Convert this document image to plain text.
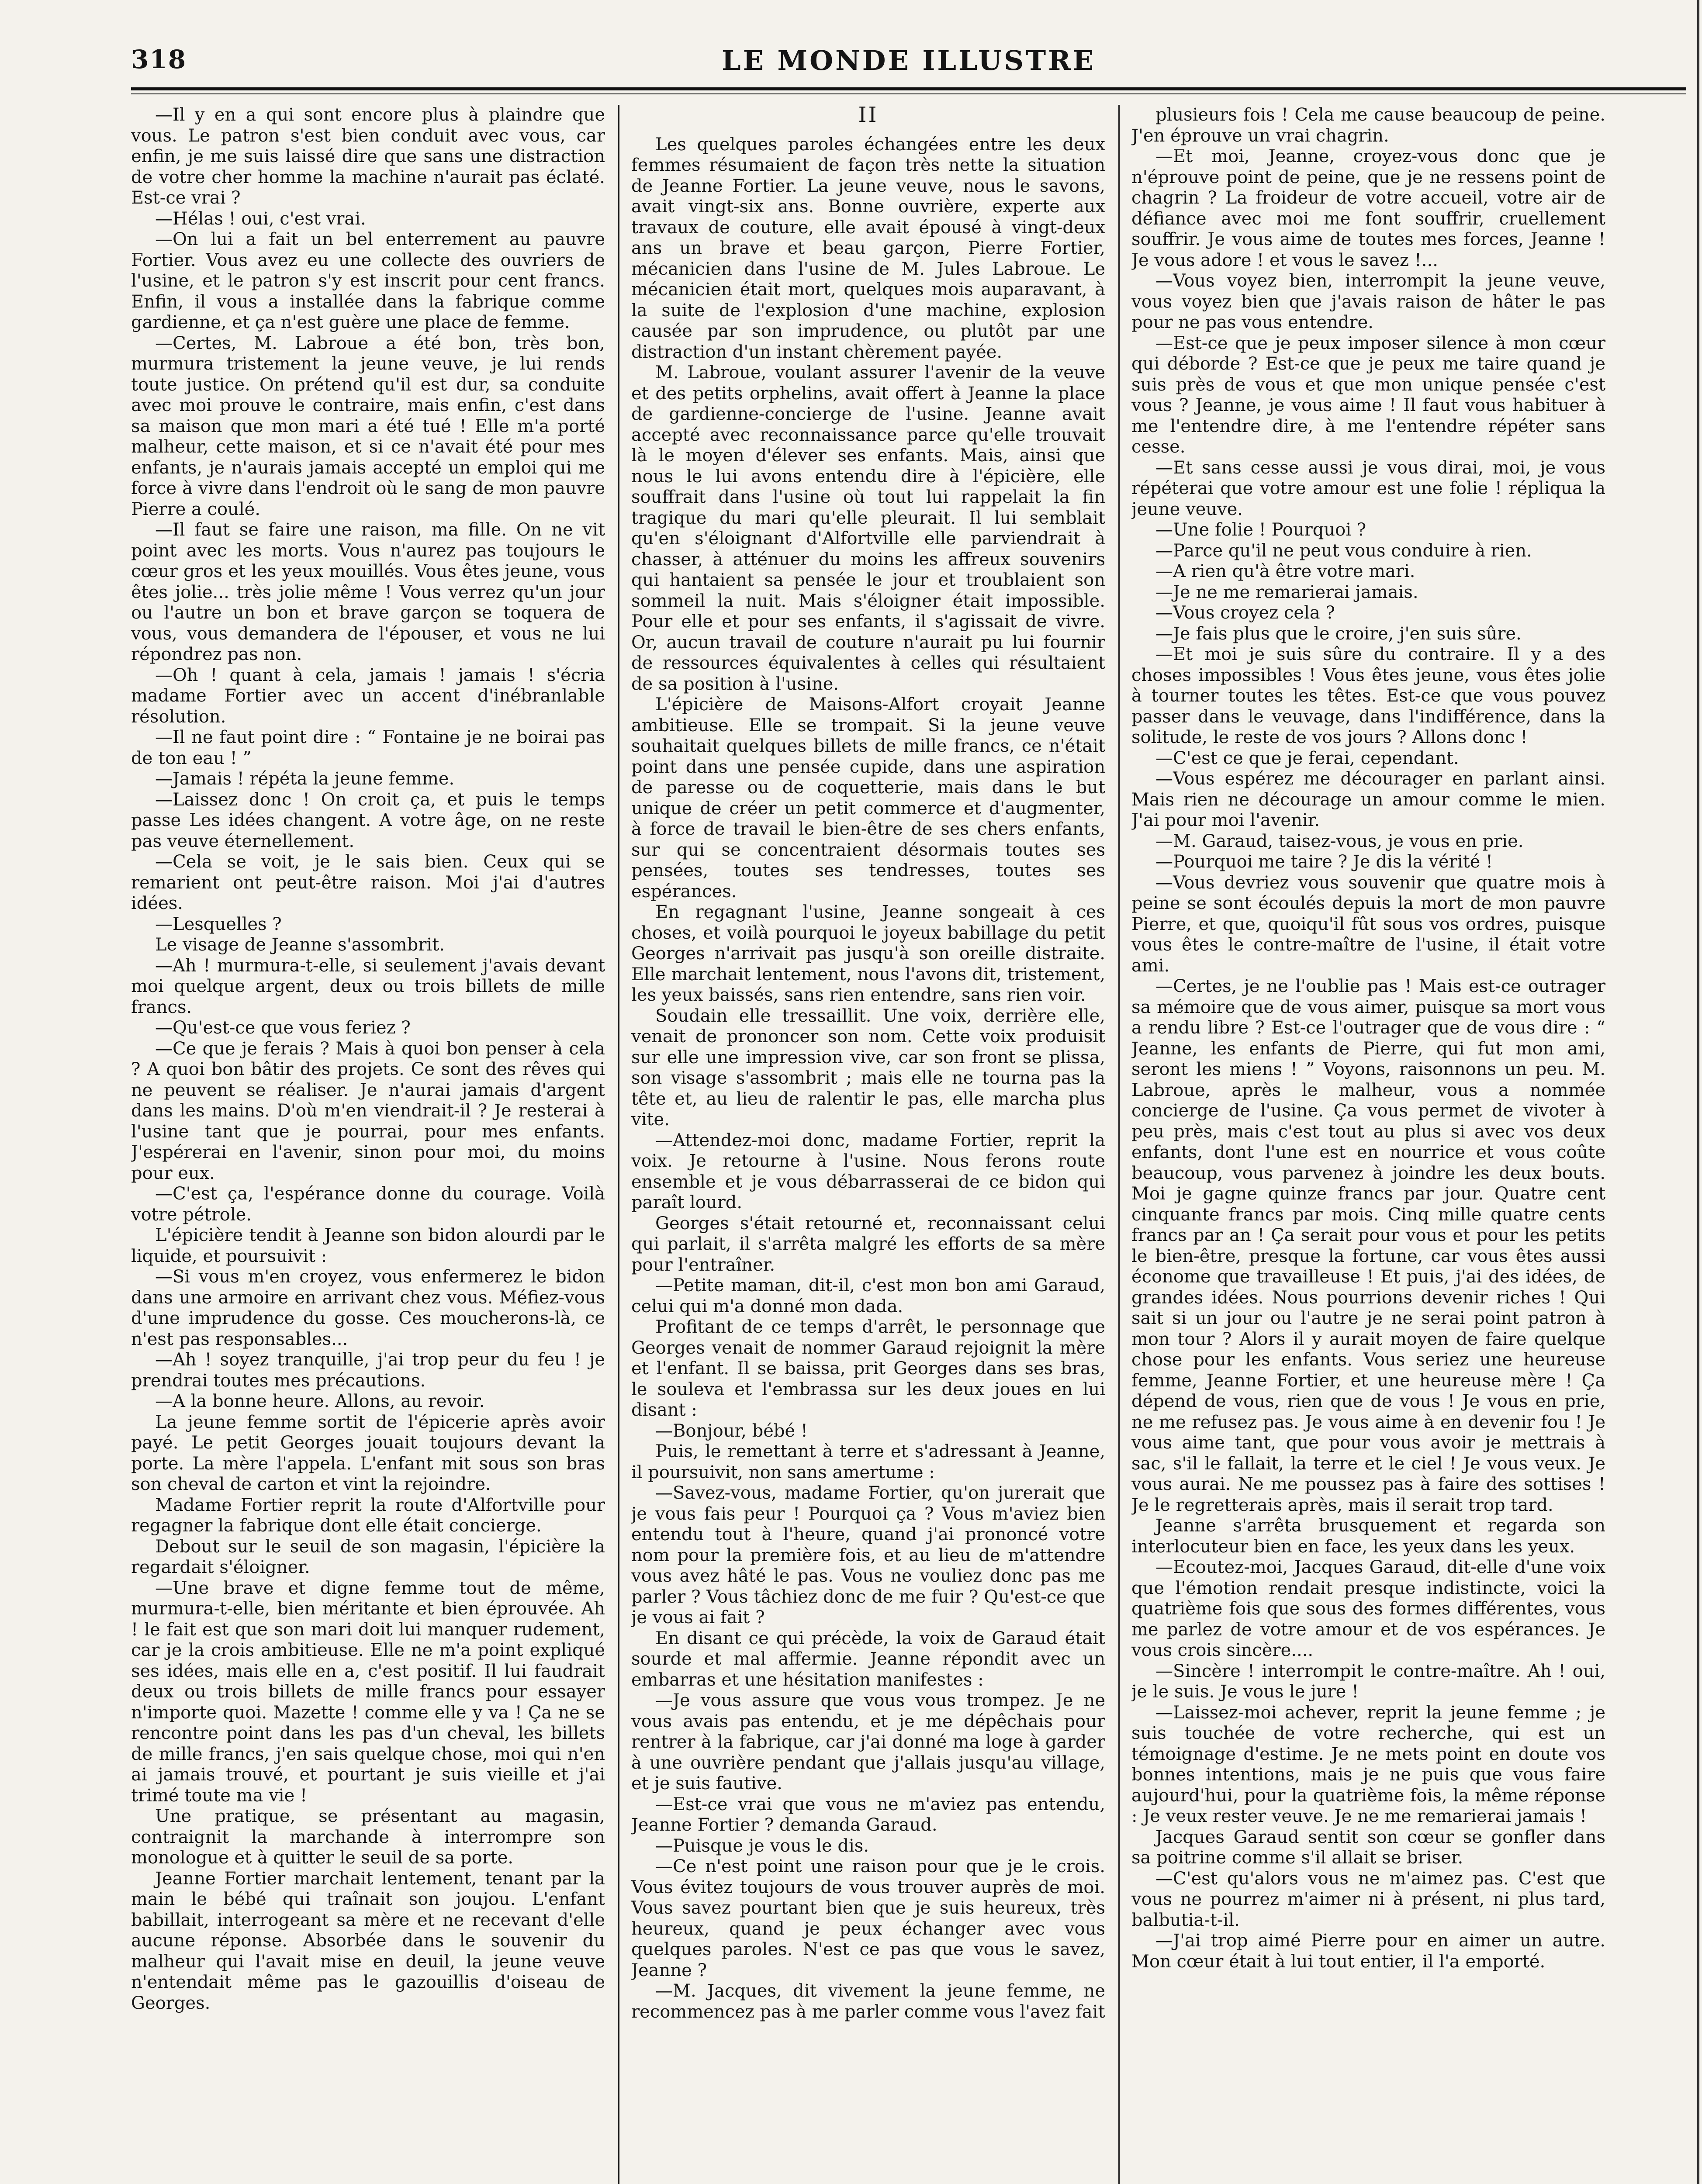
318	LE MONDE ILLUSTRE

—Il y en a qui sont encore plus à plaindre que vous. Le patron s'est bien conduit avec vous, car enfin, je me suis laissé dire que sans une distraction de votre cher homme la machine n'aurait pas éclaté. Est-ce vrai ?

—Hélas ! oui, c'est vrai.

—On lui a fait un bel enterrement au pauvre Fortier. Vous avez eu une collecte des ouvriers de l'usine, et le patron s'y est inscrit pour cent francs. Enfin, il vous a installée dans la fabrique comme gardienne, et ça n'est guère une place de femme.

—Certes, M. Labroue a été bon, très bon, murmura tristement la jeune veuve, je lui rends toute justice. On prétend qu'il est dur, sa conduite avec moi prouve le contraire, mais enfin, c'est dans sa maison que mon mari a été tué ! Elle m'a porté malheur, cette maison, et si ce n'avait été pour mes enfants, je n'aurais jamais accepté un emploi qui me force à vivre dans l'endroit où le sang de mon pauvre Pierre a coulé.

—Il faut se faire une raison, ma fille. On ne vit point avec les morts. Vous n'aurez pas toujours le cœur gros et les yeux mouillés. Vous êtes jeune, vous êtes jolie... très jolie même ! Vous verrez qu'un jour ou l'autre un bon et brave garçon se toquera de vous, vous demandera de l'épouser, et vous ne lui répondrez pas non.

—Oh ! quant à cela, jamais ! jamais ! s'écria madame Fortier avec un accent d'inébranlable résolution.

—Il ne faut point dire : “ Fontaine je ne boirai pas de ton eau ! ”

—Jamais ! répéta la jeune femme.

—Laissez donc ! On croit ça, et puis le temps passe Les idées changent. A votre âge, on ne reste pas veuve éternellement.

—Cela se voit, je le sais bien. Ceux qui se remarient ont peut-être raison. Moi j'ai d'autres idées.

—Lesquelles ?

Le visage de Jeanne s'assombrit.

—Ah ! murmura-t-elle, si seulement j'avais devant moi quelque argent, deux ou trois billets de mille francs.

—Qu'est-ce que vous feriez ?

—Ce que je ferais ? Mais à quoi bon penser à cela ? A quoi bon bâtir des projets. Ce sont des rêves qui ne peuvent se réaliser. Je n'aurai jamais d'argent dans les mains. D'où m'en viendrait-il ? Je resterai à l'usine tant que je pourrai, pour mes enfants. J'espérerai en l'avenir, sinon pour moi, du moins pour eux.

—C'est ça, l'espérance donne du courage. Voilà votre pétrole.

L'épicière tendit à Jeanne son bidon alourdi par le liquide, et poursuivit :

—Si vous m'en croyez, vous enfermerez le bidon dans une armoire en arrivant chez vous. Méfiez-vous d'une imprudence du gosse. Ces moucherons-là, ce n'est pas responsables...

—Ah ! soyez tranquille, j'ai trop peur du feu ! je prendrai toutes mes précautions.

—A la bonne heure. Allons, au revoir.

La jeune femme sortit de l'épicerie après avoir payé. Le petit Georges jouait toujours devant la porte. La mère l'appela. L'enfant mit sous son bras son cheval de carton et vint la rejoindre.

Madame Fortier reprit la route d'Alfortville pour regagner la fabrique dont elle était concierge.

Debout sur le seuil de son magasin, l'épicière la regardait s'éloigner.

—Une brave et digne femme tout de même, murmura-t-elle, bien méritante et bien éprouvée. Ah ! le fait est que son mari doit lui manquer rudement, car je la crois ambitieuse. Elle ne m'a point expliqué ses idées, mais elle en a, c'est positif. Il lui faudrait deux ou trois billets de mille francs pour essayer n'importe quoi. Mazette ! comme elle y va ! Ça ne se rencontre point dans les pas d'un cheval, les billets de mille francs, j'en sais quelque chose, moi qui n'en ai jamais trouvé, et pourtant je suis vieille et j'ai trimé toute ma vie !

Une pratique, se présentant au magasin, contraignit la marchande à interrompre son monologue et à quitter le seuil de sa porte.

Jeanne Fortier marchait lentement, tenant par la main le bébé qui traînait son joujou. L'enfant babillait, interrogeant sa mère et ne recevant d'elle aucune réponse. Absorbée dans le souvenir du malheur qui l'avait mise en deuil, la jeune veuve n'entendait même pas le gazouillis d'oiseau de Georges.

II

Les quelques paroles échangées entre les deux femmes résumaient de façon très nette la situation de Jeanne Fortier. La jeune veuve, nous le savons, avait vingt-six ans. Bonne ouvrière, experte aux travaux de couture, elle avait épousé à vingt-deux ans un brave et beau garçon, Pierre Fortier, mécanicien dans l'usine de M. Jules Labroue. Le mécanicien était mort, quelques mois auparavant, à la suite de l'explosion d'une machine, explosion causée par son imprudence, ou plutôt par une distraction d'un instant chèrement payée.

M. Labroue, voulant assurer l'avenir de la veuve et des petits orphelins, avait offert à Jeanne la place de gardienne-concierge de l'usine. Jeanne avait accepté avec reconnaissance parce qu'elle trouvait là le moyen d'élever ses enfants. Mais, ainsi que nous le lui avons entendu dire à l'épicière, elle souffrait dans l'usine où tout lui rappelait la fin tragique du mari qu'elle pleurait. Il lui semblait qu'en s'éloignant d'Alfortville elle parviendrait à chasser, à atténuer du moins les affreux souvenirs qui hantaient sa pensée le jour et troublaient son sommeil la nuit. Mais s'éloigner était impossible. Pour elle et pour ses enfants, il s'agissait de vivre. Or, aucun travail de couture n'aurait pu lui fournir de ressources équivalentes à celles qui résultaient de sa position à l'usine.

L'épicière de Maisons-Alfort croyait Jeanne ambitieuse. Elle se trompait. Si la jeune veuve souhaitait quelques billets de mille francs, ce n'était point dans une pensée cupide, dans une aspiration de paresse ou de coquetterie, mais dans le but unique de créer un petit commerce et d'augmenter, à force de travail le bien-être de ses chers enfants, sur qui se concentraient désormais toutes ses pensées, toutes ses tendresses, toutes ses espérances.

En regagnant l'usine, Jeanne songeait à ces choses, et voilà pourquoi le joyeux babillage du petit Georges n'arrivait pas jusqu'à son oreille distraite. Elle marchait lentement, nous l'avons dit, tristement, les yeux baissés, sans rien entendre, sans rien voir.

Soudain elle tressaillit. Une voix, derrière elle, venait de prononcer son nom. Cette voix produisit sur elle une impression vive, car son front se plissa, son visage s'assombrit ; mais elle ne tourna pas la tête et, au lieu de ralentir le pas, elle marcha plus vite.

—Attendez-moi donc, madame Fortier, reprit la voix. Je retourne à l'usine. Nous ferons route ensemble et je vous débarrasserai de ce bidon qui paraît lourd.

Georges s'était retourné et, reconnaissant celui qui parlait, il s'arrêta malgré les efforts de sa mère pour l'entraîner.

—Petite maman, dit-il, c'est mon bon ami Garaud, celui qui m'a donné mon dada.

Profitant de ce temps d'arrêt, le personnage que Georges venait de nommer Garaud rejoignit la mère et l'enfant. Il se baissa, prit Georges dans ses bras, le souleva et l'embrassa sur les deux joues en lui disant :

—Bonjour, bébé !

Puis, le remettant à terre et s'adressant à Jeanne, il poursuivit, non sans amertume :

—Savez-vous, madame Fortier, qu'on jurerait que je vous fais peur ! Pourquoi ça ? Vous m'aviez bien entendu tout à l'heure, quand j'ai prononcé votre nom pour la première fois, et au lieu de m'attendre vous avez hâté le pas. Vous ne vouliez donc pas me parler ? Vous tâchiez donc de me fuir ? Qu'est-ce que je vous ai fait ?

En disant ce qui précède, la voix de Garaud était sourde et mal affermie. Jeanne répondit avec un embarras et une hésitation manifestes :

—Je vous assure que vous vous trompez. Je ne vous avais pas entendu, et je me dépêchais pour rentrer à la fabrique, car j'ai donné ma loge à garder à une ouvrière pendant que j'allais jusqu'au village, et je suis fautive.

—Est-ce vrai que vous ne m'aviez pas entendu, Jeanne Fortier ? demanda Garaud.

—Puisque je vous le dis.

—Ce n'est point une raison pour que je le crois. Vous évitez toujours de vous trouver auprès de moi. Vous savez pourtant bien que je suis heureux, très heureux, quand je peux échanger avec vous quelques paroles. N'est ce pas que vous le savez, Jeanne ?

—M. Jacques, dit vivement la jeune femme, ne recommencez pas à me parler comme vous l'avez fait

plusieurs fois ! Cela me cause beaucoup de peine. J'en éprouve un vrai chagrin.

—Et moi, Jeanne, croyez-vous donc que je n'éprouve point de peine, que je ne ressens point de chagrin ? La froideur de votre accueil, votre air de défiance avec moi me font souffrir, cruellement souffrir. Je vous aime de toutes mes forces, Jeanne ! Je vous adore ! et vous le savez !...

—Vous voyez bien, interrompit la jeune veuve, vous voyez bien que j'avais raison de hâter le pas pour ne pas vous entendre.

—Est-ce que je peux imposer silence à mon cœur qui déborde ? Est-ce que je peux me taire quand je suis près de vous et que mon unique pensée c'est vous ? Jeanne, je vous aime ! Il faut vous habituer à me l'entendre dire, à me l'entendre répéter sans cesse.

—Et sans cesse aussi je vous dirai, moi, je vous répéterai que votre amour est une folie ! répliqua la jeune veuve.

—Une folie ! Pourquoi ?

—Parce qu'il ne peut vous conduire à rien.

—A rien qu'à être votre mari.

—Je ne me remarierai jamais.

—Vous croyez cela ?

—Je fais plus que le croire, j'en suis sûre.

—Et moi je suis sûre du contraire. Il y a des choses impossibles ! Vous êtes jeune, vous êtes jolie à tourner toutes les têtes. Est-ce que vous pouvez passer dans le veuvage, dans l'indifférence, dans la solitude, le reste de vos jours ? Allons donc !

—C'est ce que je ferai, cependant.

—Vous espérez me décourager en parlant ainsi. Mais rien ne décourage un amour comme le mien. J'ai pour moi l'avenir.

—M. Garaud, taisez-vous, je vous en prie.

—Pourquoi me taire ? Je dis la vérité !

—Vous devriez vous souvenir que quatre mois à peine se sont écoulés depuis la mort de mon pauvre Pierre, et que, quoiqu'il fût sous vos ordres, puisque vous êtes le contre-maître de l'usine, il était votre ami.

—Certes, je ne l'oublie pas ! Mais est-ce outrager sa mémoire que de vous aimer, puisque sa mort vous a rendu libre ? Est-ce l'outrager que de vous dire : “ Jeanne, les enfants de Pierre, qui fut mon ami, seront les miens ! ” Voyons, raisonnons un peu. M. Labroue, après le malheur, vous a nommée concierge de l'usine. Ça vous permet de vivoter à peu près, mais c'est tout au plus si avec vos deux enfants, dont l'une est en nourrice et vous coûte beaucoup, vous parvenez à joindre les deux bouts. Moi je gagne quinze francs par jour. Quatre cent cinquante francs par mois. Cinq mille quatre cents francs par an ! Ça serait pour vous et pour les petits le bien-être, presque la fortune, car vous êtes aussi économe que travailleuse ! Et puis, j'ai des idées, de grandes idées. Nous pourrions devenir riches ! Qui sait si un jour ou l'autre je ne serai point patron à mon tour ? Alors il y aurait moyen de faire quelque chose pour les enfants. Vous seriez une heureuse femme, Jeanne Fortier, et une heureuse mère ! Ça dépend de vous, rien que de vous ! Je vous en prie, ne me refusez pas. Je vous aime à en devenir fou ! Je vous aime tant, que pour vous avoir je mettrais à sac, s'il le fallait, la terre et le ciel ! Je vous veux. Je vous aurai. Ne me poussez pas à faire des sottises ! Je le regretterais après, mais il serait trop tard.

Jeanne s'arrêta brusquement et regarda son interlocuteur bien en face, les yeux dans les yeux.

—Ecoutez-moi, Jacques Garaud, dit-elle d'une voix que l'émotion rendait presque indistincte, voici la quatrième fois que sous des formes différentes, vous me parlez de votre amour et de vos espérances. Je vous crois sincère....

—Sincère ! interrompit le contre-maître. Ah ! oui, je le suis. Je vous le jure !

—Laissez-moi achever, reprit la jeune femme ; je suis touchée de votre recherche, qui est un témoignage d'estime. Je ne mets point en doute vos bonnes intentions, mais je ne puis que vous faire aujourd'hui, pour la quatrième fois, la même réponse : Je veux rester veuve. Je ne me remarierai jamais !

Jacques Garaud sentit son cœur se gonfler dans sa poitrine comme s'il allait se briser.

—C'est qu'alors vous ne m'aimez pas. C'est que vous ne pourrez m'aimer ni à présent, ni plus tard, balbutia-t-il.

—J'ai trop aimé Pierre pour en aimer un autre. Mon cœur était à lui tout entier, il l'a emporté.
